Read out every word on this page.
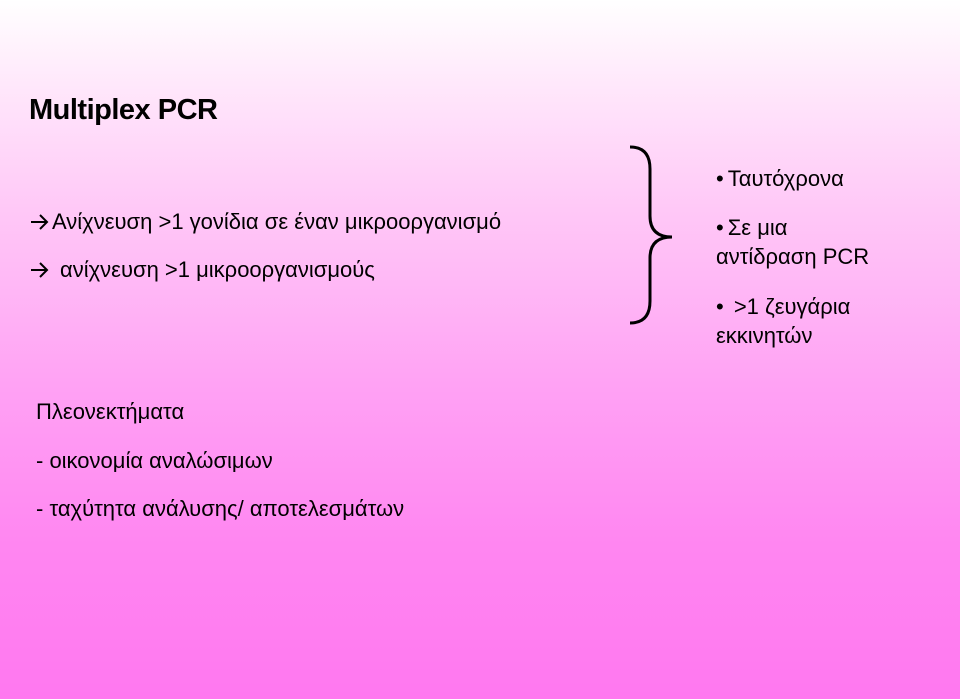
Multiplex PCR
Ανίχνευση >1 γονίδια σε έναν μικροοργανισμό
ανίχνευση >1 μικροοργανισμούς
• Ταυτόχρονα
• Σε μια
αντίδραση PCR
• >1 ζευγάρια
εκκινητών
Πλεονεκτήματα
- οικονομία αναλώσιμων
- ταχύτητα ανάλυσης/ αποτελεσμάτων
